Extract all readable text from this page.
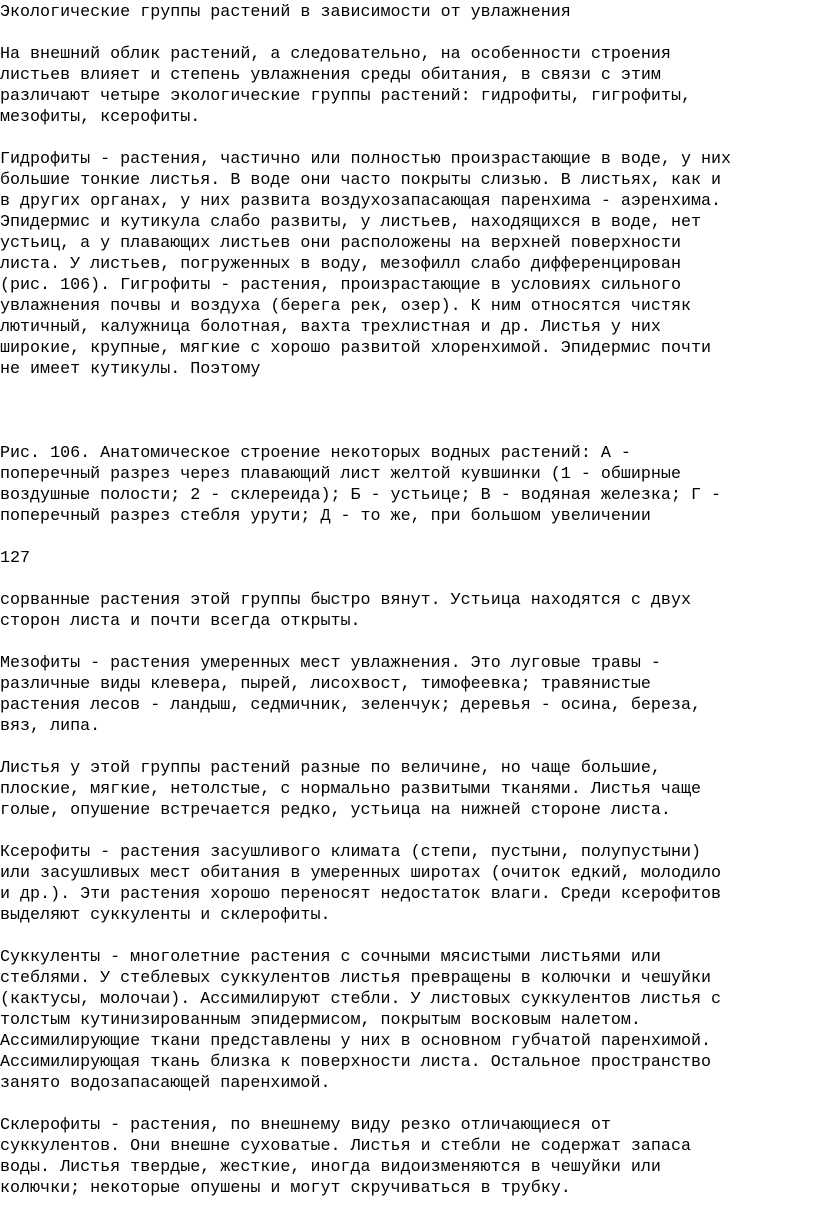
Экологические группы растений в зависимости от увлажнения

На внешний облик растений, а следовательно, на особенности строения
листьев влияет и степень увлажнения среды обитания, в связи с этим
различают четыре экологические группы растений: гидрофиты, гигрофиты,
мезофиты, ксерофиты.

Гидрофиты - растения, частично или полностью произрастающие в воде, у них
большие тонкие листья. В воде они часто покрыты слизью. В листьях, как и
в других органах, у них развита воздухозапасающая паренхима - аэренхима.
Эпидермис и кутикула слабо развиты, у листьев, находящихся в воде, нет
устьиц, а у плавающих листьев они расположены на верхней поверхности
листа. У листьев, погруженных в воду, мезофилл слабо дифференцирован
(рис. 106). Гигрофиты - растения, произрастающие в условиях сильного
увлажнения почвы и воздуха (берега рек, озер). К ним относятся чистяк
лютичный, калужница болотная, вахта трехлистная и др. Листья у них
широкие, крупные, мягкие с хорошо развитой хлоренхимой. Эпидермис почти
не имеет кутикулы. Поэтому

Рис. 106. Анатомическое строение некоторых водных растений: А -
поперечный разрез через плавающий лист желтой кувшинки (1 - обширные
воздушные полости; 2 - склереида); Б - устьице; В - водяная железка; Г -
поперечный разрез стебля урути; Д - то же, при большом увеличении

127

сорванные растения этой группы быстро вянут. Устьица находятся с двух
сторон листа и почти всегда открыты.

Мезофиты - растения умеренных мест увлажнения. Это луговые травы -
различные виды клевера, пырей, лисохвост, тимофеевка; травянистые
растения лесов - ландыш, седмичник, зеленчук; деревья - осина, береза,
вяз, липа.

Листья у этой группы растений разные по величине, но чаще большие,
плоские, мягкие, нетолстые, с нормально развитыми тканями. Листья чаще
голые, опушение встречается редко, устьица на нижней стороне листа.

Ксерофиты - растения засушливого климата (степи, пустыни, полупустыни)
или засушливых мест обитания в умеренных широтах (очиток едкий, молодило
и др.). Эти растения хорошо переносят недостаток влаги. Среди ксерофитов
выделяют суккуленты и склерофиты.

Суккуленты - многолетние растения с сочными мясистыми листьями или
стеблями. У стеблевых суккулентов листья превращены в колючки и чешуйки
(кактусы, молочаи). Ассимилируют стебли. У листовых суккулентов листья с
толстым кутинизированным эпидермисом, покрытым восковым налетом.
Ассимилирующие ткани представлены у них в основном губчатой паренхимой.
Ассимилирующая ткань близка к поверхности листа. Остальное пространство
занято водозапасающей паренхимой.

Склерофиты - растения, по внешнему виду резко отличающиеся от
суккулентов. Они внешне суховатые. Листья и стебли не содержат запаса
воды. Листья твердые, жесткие, иногда видоизменяются в чешуйки или
колючки; некоторые опушены и могут скручиваться в трубку.
